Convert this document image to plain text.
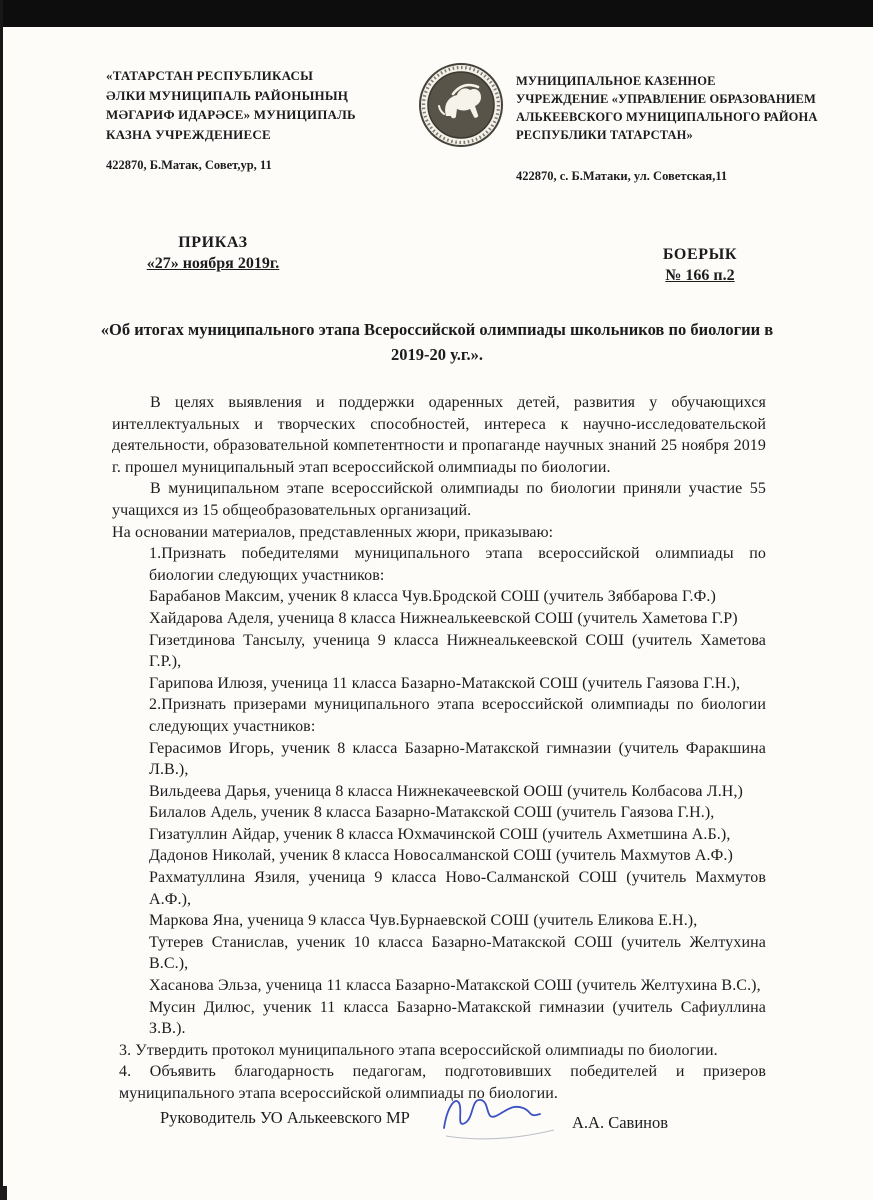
«ТАТАРСТАН РЕСПУБЛИКАСЫ
ӘЛКИ МУНИЦИПАЛЬ РАЙОНЫНЫҢ
МӘГАРИФ ИДАРӘСЕ» МУНИЦИПАЛЬ
КАЗНА УЧРЕЖДЕНИЕСЕ
422870, Б.Матак, Совет,ур, 11
МУНИЦИПАЛЬНОЕ КАЗЕННОЕ
УЧРЕЖДЕНИЕ «УПРАВЛЕНИЕ ОБРАЗОВАНИЕМ
АЛЬКЕЕВСКОГО МУНИЦИПАЛЬНОГО РАЙОНА
РЕСПУБЛИКИ ТАТАРСТАН»
422870, с. Б.Матаки, ул. Советская,11
ПРИКАЗ
«27» ноября 2019г.
БОЕРЫК
№ 166 п.2
«Об итогах муниципального этапа Всероссийской олимпиады школьников по биологии в 2019-20 у.г.».

В целях выявления и поддержки одаренных детей, развития у обучающихся интеллектуальных и творческих способностей, интереса к научно-исследовательской деятельности, образовательной компетентности и пропаганде научных знаний 25 ноября 2019 г. прошел муниципальный этап всероссийской олимпиады по биологии.

В муниципальном этапе всероссийской олимпиады по биологии приняли участие 55 учащихся из 15 общеобразовательных организаций.

На основании материалов, представленных жюри, приказываю:

1.Признать победителями муниципального этапа всероссийской олимпиады по биологии следующих участников:

Барабанов Максим, ученик 8 класса Чув.Бродской СОШ (учитель Зяббарова Г.Ф.)

Хайдарова Аделя, ученица 8 класса Нижнеалькеевской СОШ (учитель Хаметова Г.Р)

Гизетдинова Тансылу, ученица 9 класса Нижнеалькеевской СОШ (учитель Хаметова Г.Р.),

Гарипова Илюзя, ученица 11 класса Базарно-Матакской СОШ (учитель Гаязова Г.Н.),

2.Признать призерами муниципального этапа всероссийской олимпиады по биологии следующих участников:

Герасимов Игорь, ученик 8 класса Базарно-Матакской гимназии (учитель Фаракшина Л.В.),

Вильдеева Дарья, ученица 8 класса Нижнекачеевской ООШ (учитель Колбасова Л.Н,)

Билалов Адель, ученик 8 класса Базарно-Матакской СОШ (учитель Гаязова Г.Н.),

Гизатуллин Айдар, ученик 8 класса Юхмачинской СОШ (учитель Ахметшина А.Б.),

Дадонов Николай, ученик 8 класса Новосалманской СОШ (учитель Махмутов А.Ф.)

Рахматуллина Язиля, ученица 9 класса Ново-Салманской СОШ (учитель Махмутов А.Ф.),

Маркова Яна, ученица 9 класса Чув.Бурнаевской СОШ (учитель Еликова Е.Н.),

Тутерев Станислав, ученик 10 класса Базарно-Матакской СОШ (учитель Желтухина В.С.),

Хасанова Эльза, ученица 11 класса Базарно-Матакской СОШ (учитель Желтухина В.С.),

Мусин Дилюс, ученик 11 класса Базарно-Матакской гимназии (учитель Сафиуллина З.В.).

3. Утвердить протокол муниципального этапа всероссийской олимпиады по биологии.

4. Объявить благодарность педагогам, подготовивших победителей и призеров муниципального этапа всероссийской олимпиады по биологии.

Руководитель УО Алькеевского МР	А.А. Савинов
